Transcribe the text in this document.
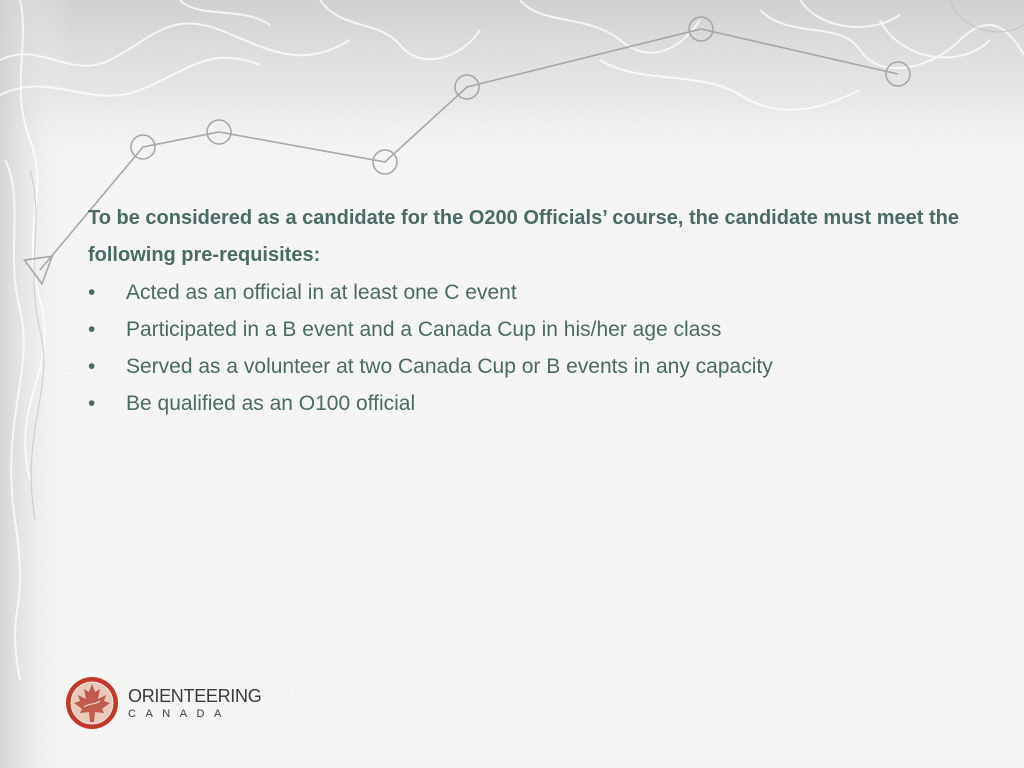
To be considered as a candidate for the O200 Officials’ course, the candidate must meet the following pre-requisites:

• Acted as an official in at least one C event
• Participated in a B event and a Canada Cup in his/her age class
• Served as a volunteer at two Canada Cup or B events in any capacity
• Be qualified as an O100 official
ORIENTEERING
CANADA
